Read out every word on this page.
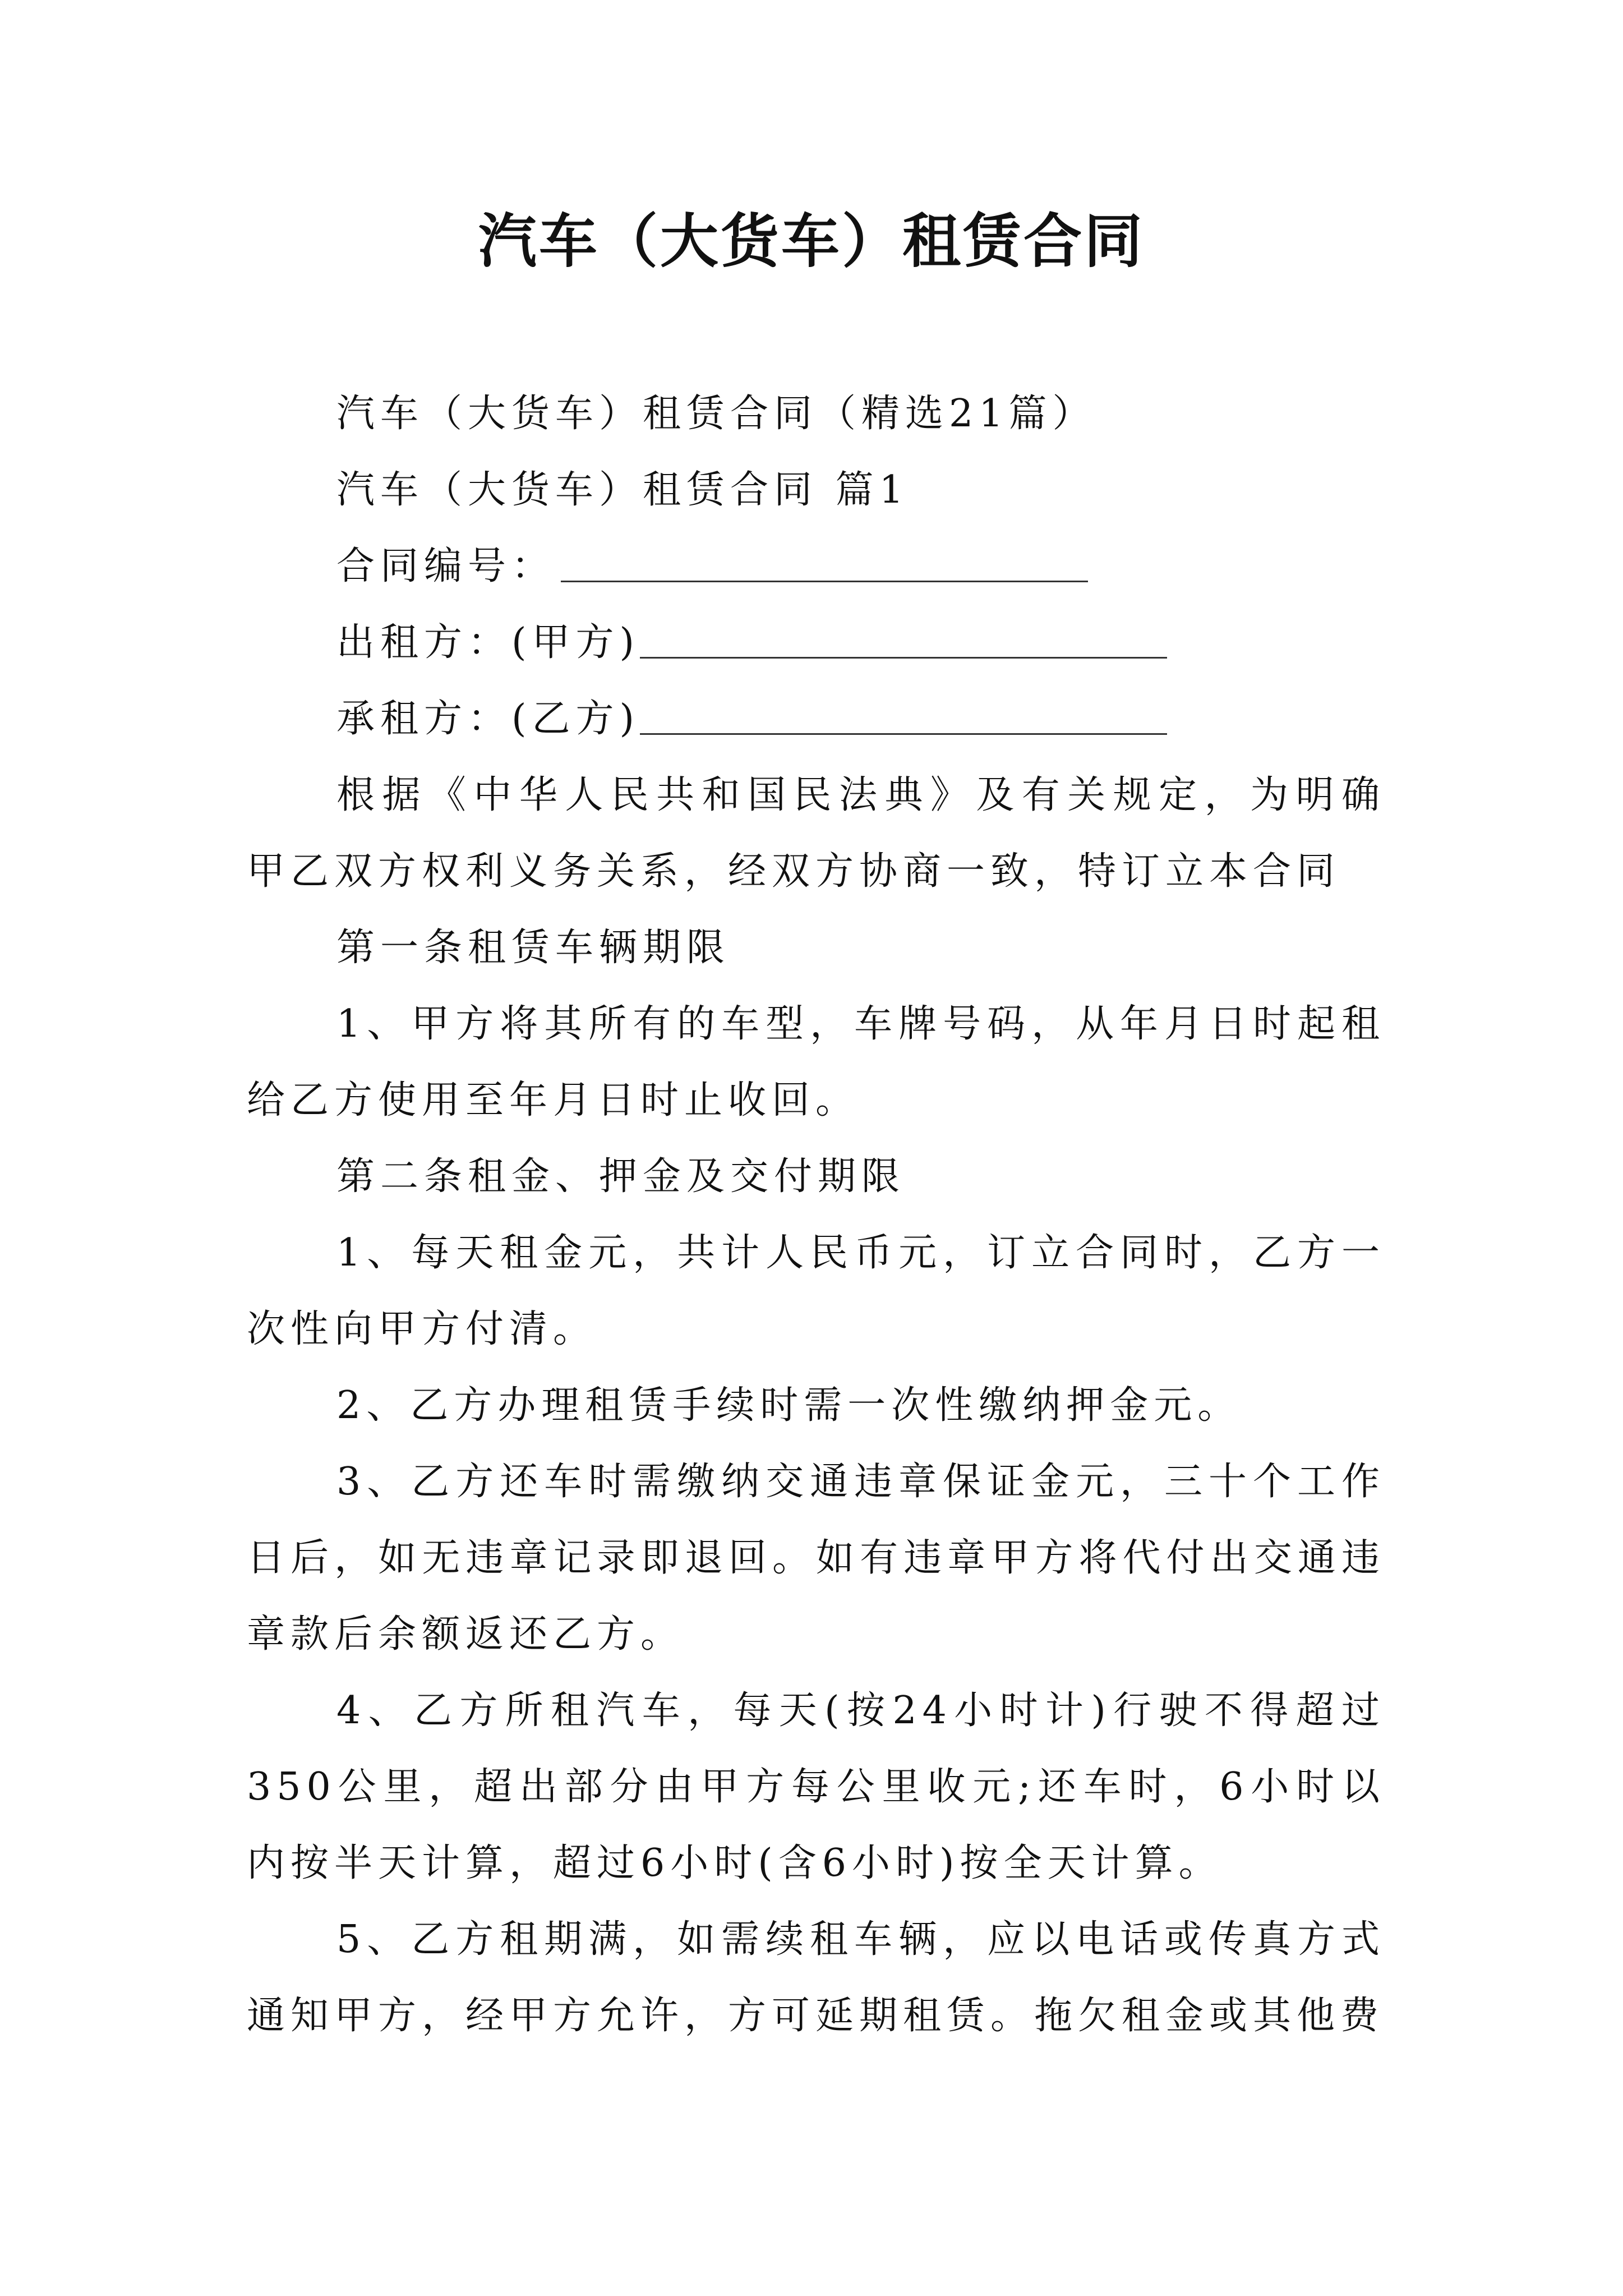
汽车（大货车）租赁合同

汽车（大货车）租赁合同（精选21篇）

汽车（大货车）租赁合同 篇1

合同编号：

出租方：(甲方)

承租方：(乙方)

根据《中华人民共和国民法典》及有关规定，为明确甲乙双方权利义务关系，经双方协商一致，特订立本合同

第一条租赁车辆期限

1、甲方将其所有的车型，车牌号码，从年月日时起租给乙方使用至年月日时止收回。

第二条租金、押金及交付期限

1、每天租金元，共计人民币元，订立合同时，乙方一次性向甲方付清。

2、乙方办理租赁手续时需一次性缴纳押金元。

3、乙方还车时需缴纳交通违章保证金元，三十个工作日后，如无违章记录即退回。如有违章甲方将代付出交通违章款后余额返还乙方。

4、乙方所租汽车，每天(按24小时计)行驶不得超过350公里，超出部分由甲方每公里收元;还车时，6小时以内按半天计算，超过6小时(含6小时)按全天计算。

5、乙方租期满，如需续租车辆，应以电话或传真方式通知甲方，经甲方允许，方可延期租赁。拖欠租金或其他费
